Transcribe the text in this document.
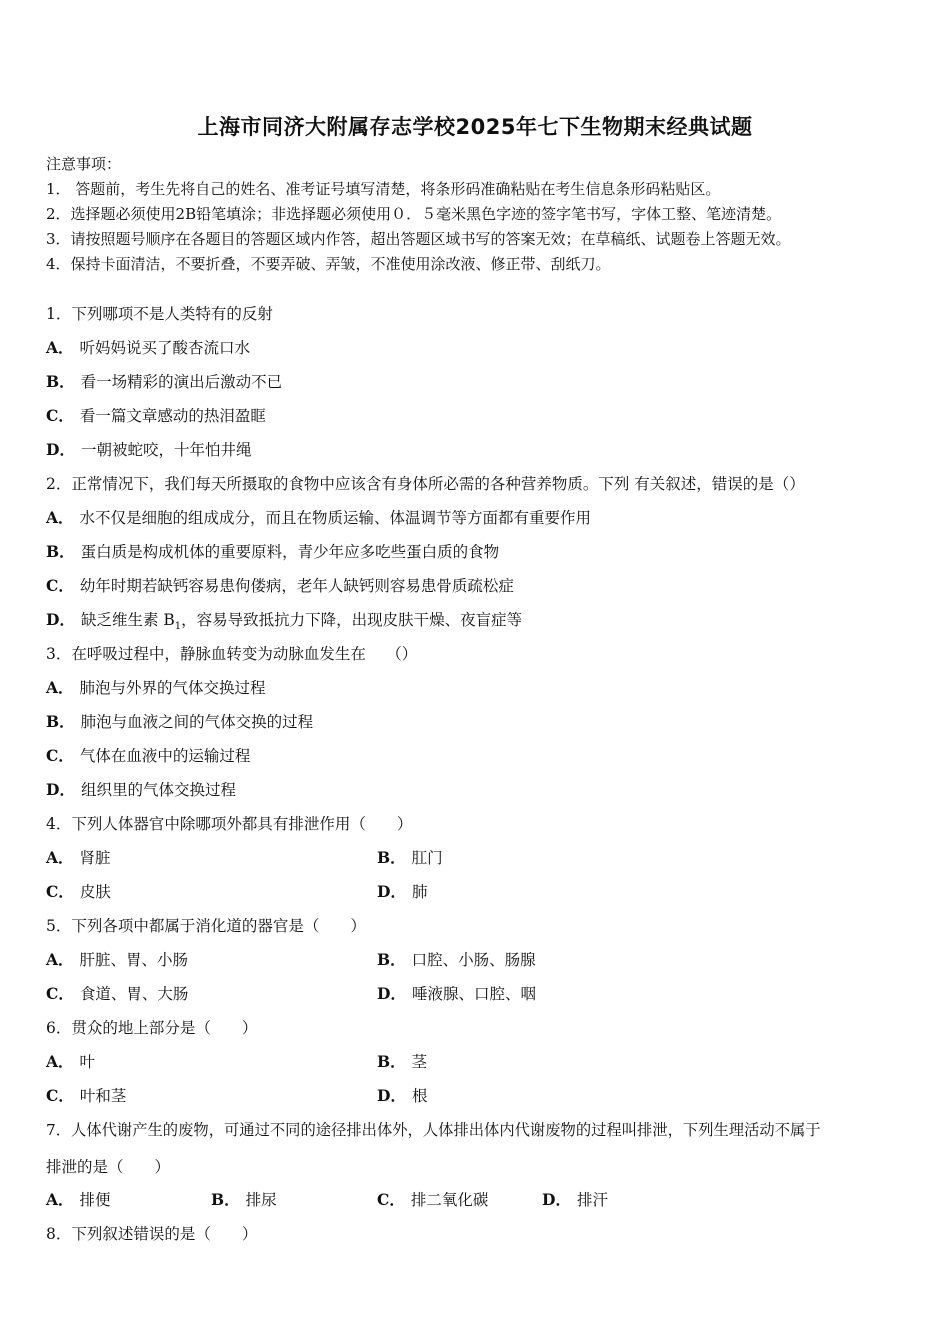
上海市同济大附属存志学校2025年七下生物期末经典试题
注意事项：
1． 答题前，考生先将自己的姓名、准考证号填写清楚，将条形码准确粘贴在考生信息条形码粘贴区。
2．选择题必须使用2B铅笔填涂；非选择题必须使用０．５毫米黑色字迹的签字笔书写，字体工整、笔迹清楚。
3．请按照题号顺序在各题目的答题区域内作答，超出答题区域书写的答案无效；在草稿纸、试题卷上答题无效。
4．保持卡面清洁，不要折叠，不要弄破、弄皱，不准使用涂改液、修正带、刮纸刀。
1．下列哪项不是人类特有的反射
A． 听妈妈说买了酸杏流口水
B． 看一场精彩的演出后激动不已
C． 看一篇文章感动的热泪盈眶
D． 一朝被蛇咬，十年怕井绳
2．正常情况下，我们每天所摄取的食物中应该含有身体所必需的各种营养物质。下列 有关叙述，错误的是（）
A． 水不仅是细胞的组成成分，而且在物质运输、体温调节等方面都有重要作用
B． 蛋白质是构成机体的重要原料，青少年应多吃些蛋白质的食物
C． 幼年时期若缺钙容易患佝偻病，老年人缺钙则容易患骨质疏松症
D． 缺乏维生素 $B_1$，容易导致抵抗力下降，出现皮肤干燥、夜盲症等
3．在呼吸过程中，静脉血转变为动脉血发生在　 （）
A． 肺泡与外界的气体交换过程
B． 肺泡与血液之间的气体交换的过程
C． 气体在血液中的运输过程
D． 组织里的气体交换过程
4．下列人体器官中除哪项外都具有排泄作用（　　）
A． 肾脏	B． 肛门
C． 皮肤	D． 肺
5．下列各项中都属于消化道的器官是（　　）
A． 肝脏、胃、小肠	B． 口腔、小肠、肠腺
C． 食道、胃、大肠	D． 唾液腺、口腔、咽
6．贯众的地上部分是（　　）
A． 叶	B． 茎
C． 叶和茎	D． 根
7．人体代谢产生的废物，可通过不同的途径排出体外，人体排出体内代谢废物的过程叫排泄，下列生理活动不属于
排泄的是（　　）
A． 排便	B． 排尿	C． 排二氧化碳	D． 排汗
8．下列叙述错误的是（　　）
